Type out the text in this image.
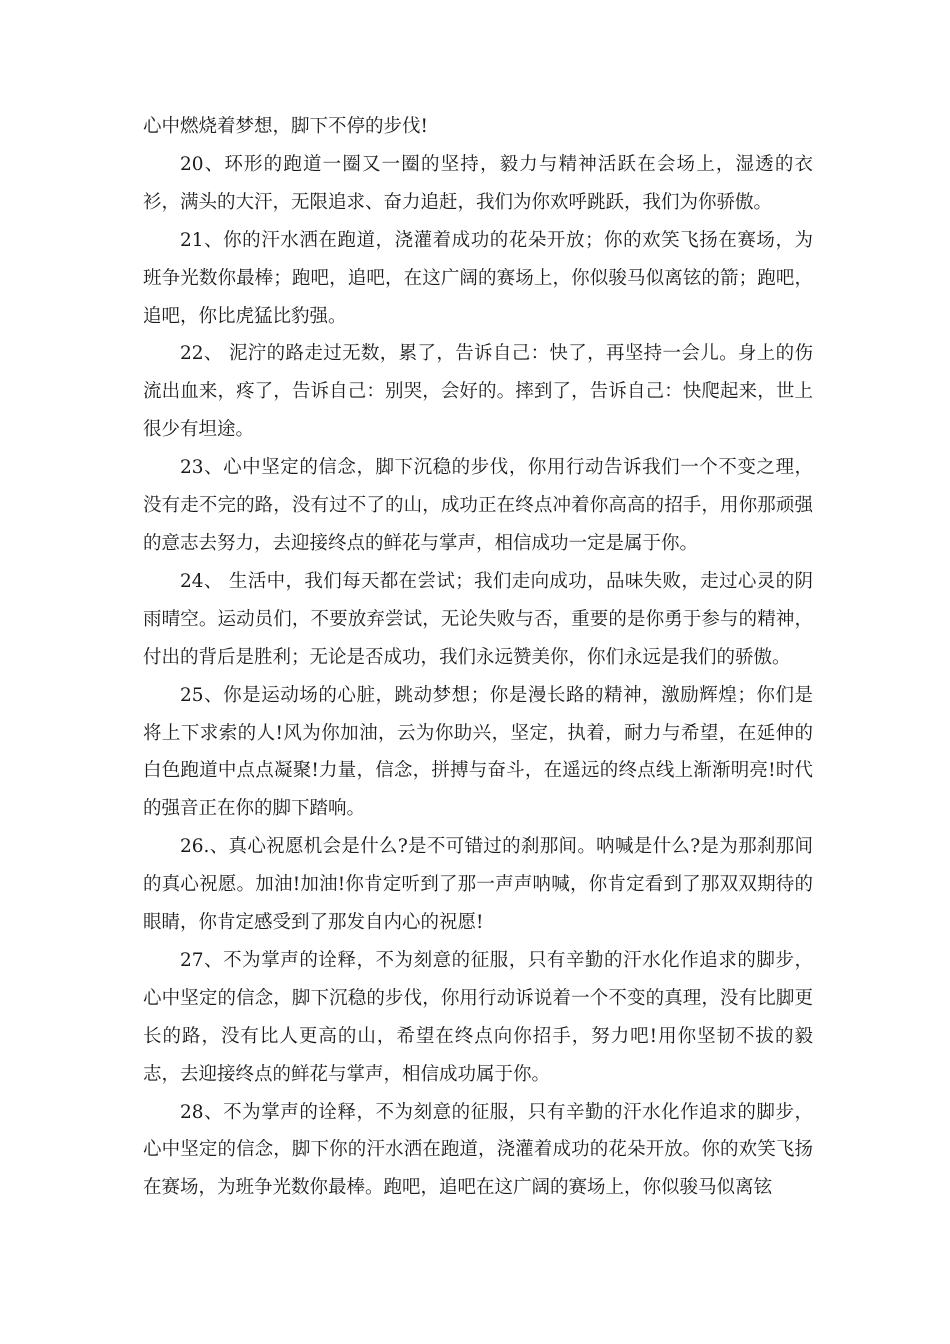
心中燃烧着梦想，脚下不停的步伐!

20、环形的跑道一圈又一圈的坚持，毅力与精神活跃在会场上，湿透的衣衫，满头的大汗，无限追求、奋力追赶，我们为你欢呼跳跃，我们为你骄傲。

21、你的汗水洒在跑道，浇灌着成功的花朵开放；你的欢笑飞扬在赛场，为班争光数你最棒；跑吧，追吧，在这广阔的赛场上，你似骏马似离铉的箭；跑吧，追吧，你比虎猛比豹强。

22、 泥泞的路走过无数，累了，告诉自己：快了，再坚持一会儿。身上的伤流出血来，疼了，告诉自己：别哭，会好的。摔到了，告诉自己：快爬起来，世上很少有坦途。

23、心中坚定的信念，脚下沉稳的步伐，你用行动告诉我们一个不变之理，没有走不完的路，没有过不了的山，成功正在终点冲着你高高的招手，用你那顽强的意志去努力，去迎接终点的鲜花与掌声，相信成功一定是属于你。

24、 生活中，我们每天都在尝试；我们走向成功，品味失败，走过心灵的阴雨晴空。运动员们，不要放弃尝试，无论失败与否，重要的是你勇于参与的精神，付出的背后是胜利；无论是否成功，我们永远赞美你，你们永远是我们的骄傲。

25、你是运动场的心脏，跳动梦想；你是漫长路的精神，激励辉煌；你们是将上下求索的人!风为你加油，云为你助兴，坚定，执着，耐力与希望，在延伸的白色跑道中点点凝聚!力量，信念，拼搏与奋斗，在遥远的终点线上渐渐明亮!时代的强音正在你的脚下踏响。

26.、真心祝愿机会是什么?是不可错过的刹那间。呐喊是什么?是为那刹那间的真心祝愿。加油!加油!你肯定听到了那一声声呐喊，你肯定看到了那双双期待的眼睛，你肯定感受到了那发自内心的祝愿!

27、不为掌声的诠释，不为刻意的征服，只有辛勤的汗水化作追求的脚步，心中坚定的信念，脚下沉稳的步伐，你用行动诉说着一个不变的真理，没有比脚更长的路，没有比人更高的山，希望在终点向你招手，努力吧!用你坚韧不拔的毅志，去迎接终点的鲜花与掌声，相信成功属于你。

28、不为掌声的诠释，不为刻意的征服，只有辛勤的汗水化作追求的脚步，心中坚定的信念，脚下你的汗水洒在跑道，浇灌着成功的花朵开放。你的欢笑飞扬在赛场，为班争光数你最棒。跑吧，追吧在这广阔的赛场上，你似骏马似离铉
